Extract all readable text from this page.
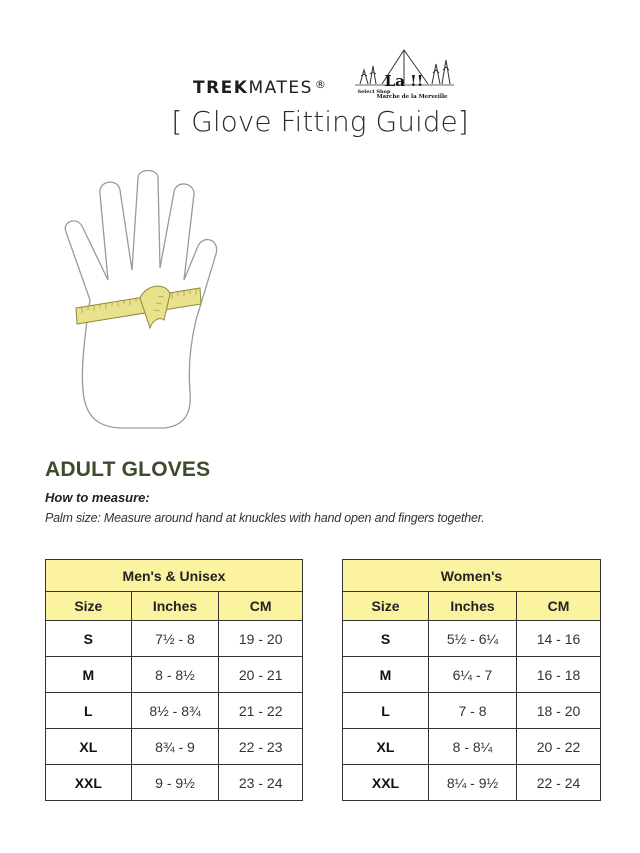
TREKMATES ®	La !!
Select Shop
Marche de la Merveille
[ Glove Fitting Guide]
ADULT GLOVES
How to measure:
Palm size: Measure around hand at knuckles with hand open and fingers together.
Men's & Unisex		
Size	Inches	CM
S	7½ - 8	19 - 20
M	8 - 8½	20 - 21
L	8½ - 8¾	21 - 22
XL	8¾ - 9	22 - 23
XXL	9 - 9½	23 - 24
Women's		
Size	Inches	CM
S	5½ - 6¼	14 - 16
M	6¼ - 7	16 - 18
L	7 - 8	18 - 20
XL	8 - 8¼	20 - 22
XXL	8¼ - 9½	22 - 24
